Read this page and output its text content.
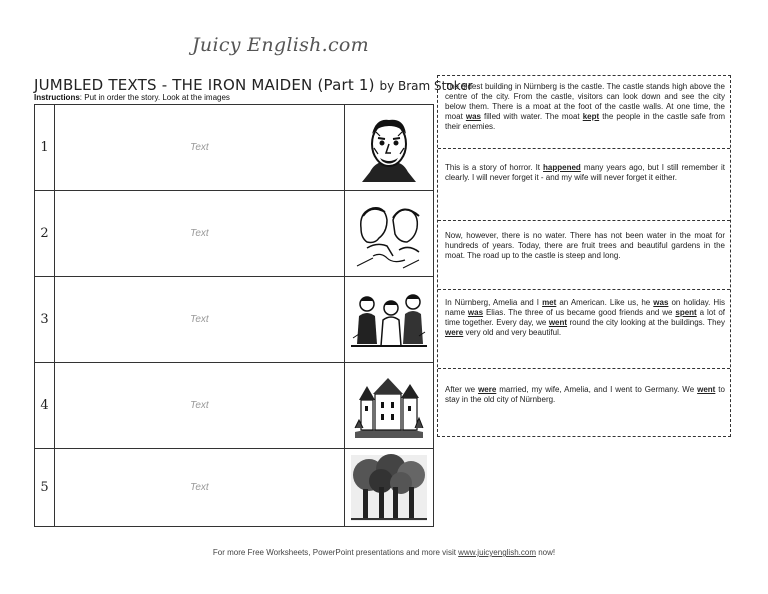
Juicy English.com
JUMBLED TEXTS - THE IRON MAIDEN (Part 1) by Bram Stoker
Instructions: Put in order the story. Look at the images
1	Text	

2	Text	

3	Text	

4	Text	

5	Text	
The oldest building in Nürnberg is the castle. The castle stands high above the centre of the city. From the castle, visitors can look down and see the city below them. There is a moat at the foot of the castle walls. At one time, the moat was filled with water. The moat kept the people in the castle safe from their enemies.
This is a story of horror. It happened many years ago, but I still remember it clearly. I will never forget it - and my wife will never forget it either.
Now, however, there is no water. There has not been water in the moat for hundreds of years. Today, there are fruit trees and beautiful gardens in the moat. The road up to the castle is steep and long.
In Nürnberg, Amelia and I met an American. Like us, he was on holiday. His name was Elias. The three of us became good friends and we spent a lot of time together. Every day, we went round the city looking at the buildings. They were very old and very beautiful.
After we were married, my wife, Amelia, and I went to Germany. We went to stay in the old city of Nürnberg.
For more Free Worksheets, PowerPoint presentations and more visit www.juicyenglish.com now!
